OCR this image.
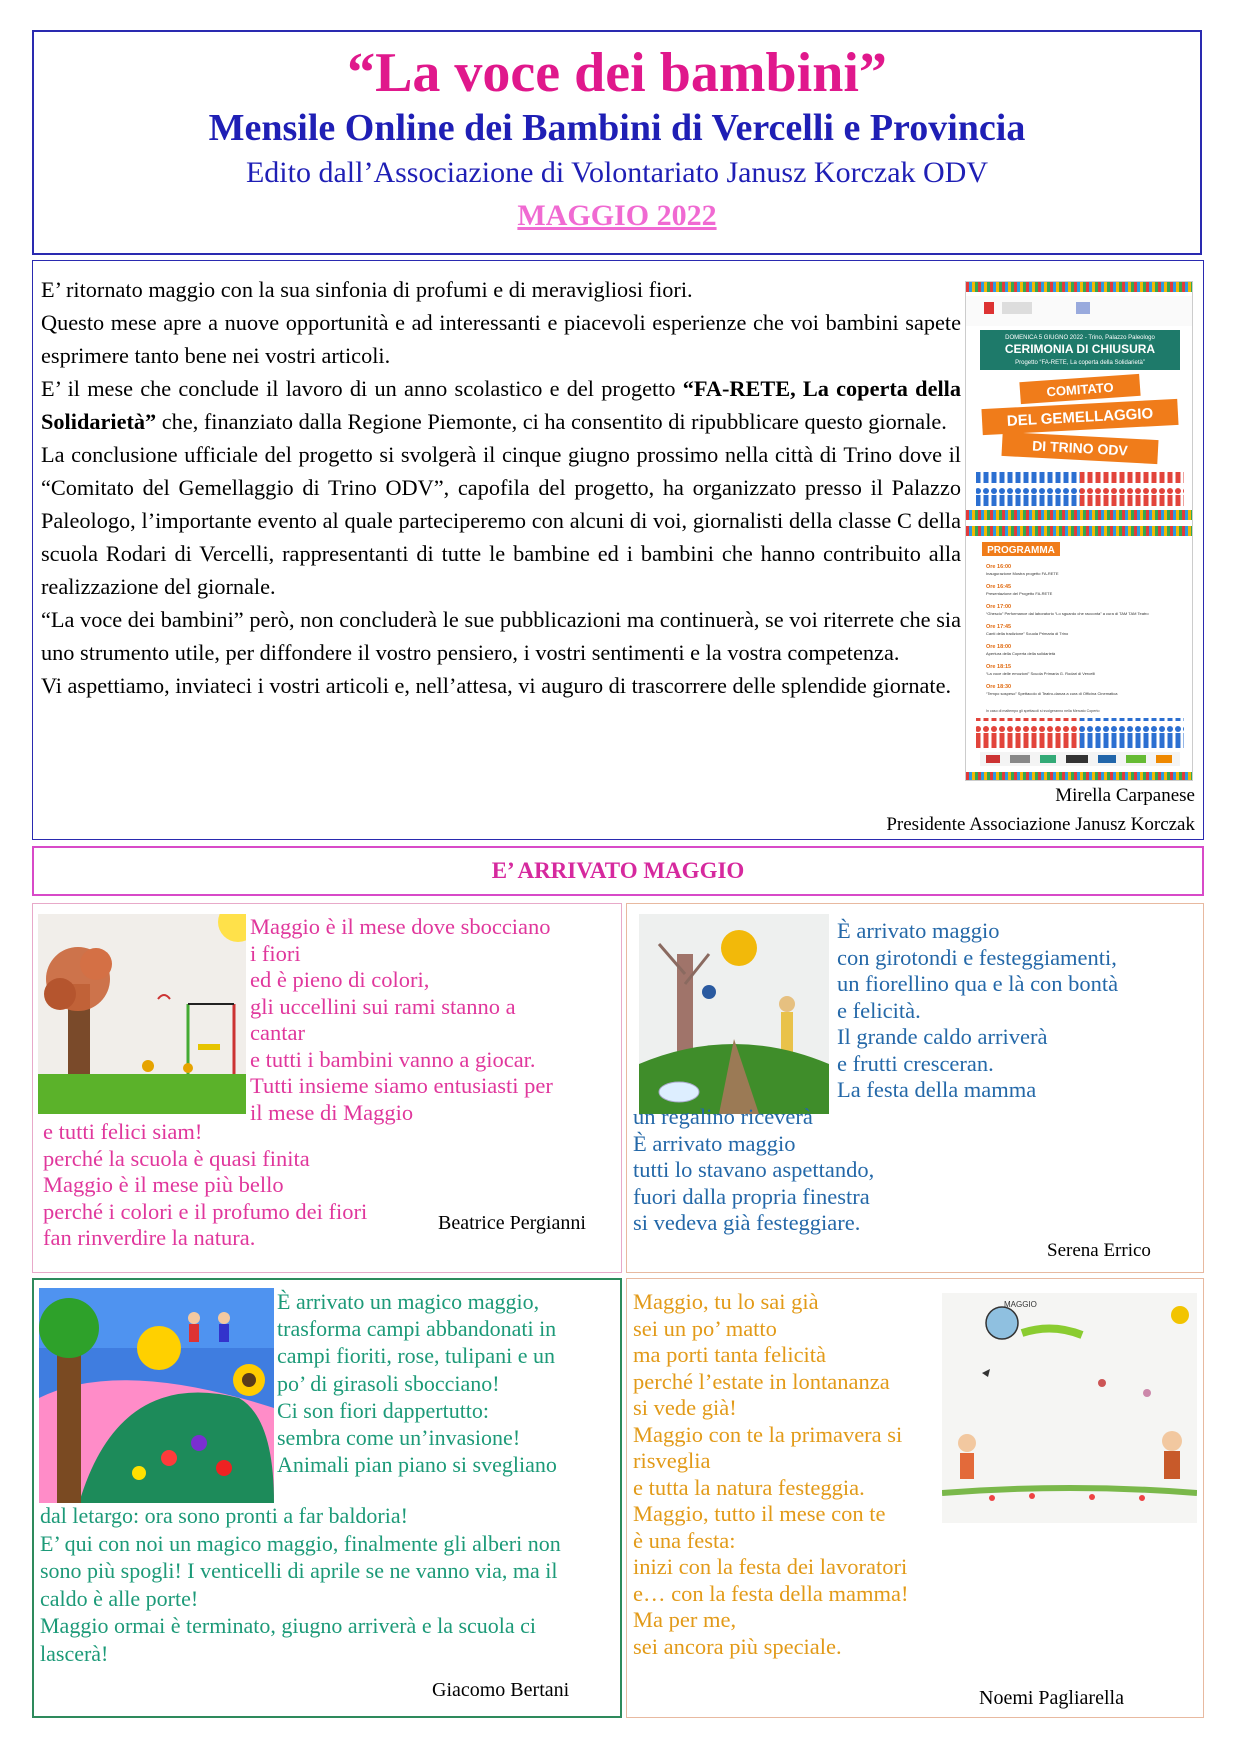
“La voce dei bambini”
Mensile Online dei Bambini di Vercelli e Provincia
Edito dall’Associazione di Volontariato Janusz Korczak ODV
MAGGIO 2022

E’ ritornato maggio con la sua sinfonia di profumi e di meravigliosi fiori.

Questo mese apre a nuove opportunità e ad interessanti e piacevoli esperienze che voi bambini sapete esprimere tanto bene nei vostri articoli.

E’ il mese che conclude il lavoro di un anno scolastico e del progetto “FA-RETE, La coperta della Solidarietà” che, finanziato dalla Regione Piemonte, ci ha consentito di ripubblicare questo giornale.

La conclusione ufficiale del progetto si svolgerà il cinque giugno prossimo nella città di Trino dove il “Comitato del Gemellaggio di Trino ODV”, capofila del progetto, ha organizzato presso il Palazzo Paleologo, l’importante evento al quale parteciperemo con alcuni di voi, giornalisti della classe C della scuola Rodari di Vercelli, rappresentanti di tutte le bambine ed i bambini che hanno contribuito alla realizzazione del giornale.

“La voce dei bambini” però, non concluderà le sue pubblicazioni ma continuerà, se voi riterrete che sia uno strumento utile, per diffondere il vostro pensiero, i vostri sentimenti e la vostra competenza.

Vi aspettiamo, inviateci i vostri articoli e, nell’attesa, vi auguro di trascorrere delle splendide giornate.

DOMENICA 5 GIUGNO 2022 - Trino, Palazzo Paleologo
CERIMONIA DI CHIUSURA
Progetto “FA-RETE, La coperta della Solidarietà”
COMITATO
DEL GEMELLAGGIO
DI TRINO ODV
PROGRAMMA
Ore 16:00
Inaugurazione Mostra progetto FA-RETE
Ore 16:45
Presentazione del Progetto FA-RETE
Ore 17:00
“Ghescio” Performance dal laboratorio “Lo sguardo che racconta” a cura di TAM TAM Teatro
Ore 17:45
Canti della tradizione” Scuola Primaria di Trino
Ore 18:00
Apertura della Coperta della solidarietà
Ore 18:15
“La voce delle emozioni” Scuola Primaria G. Rodari di Vercelli
Ore 18:30
“Tempo sospeso” Spettacolo di Teatro-danza a cura di Officina Cinematica
In caso di maltempo gli spettacoli si svolgeranno nella Mercato Coperto
Mirella Carpanese
Presidente Associazione Janusz Korczak
E’ ARRIVATO MAGGIO
Maggio è il mese dove sbocciano
i fiori
ed è pieno di colori,
gli uccellini sui rami stanno a
cantar
e tutti i bambini vanno a giocar.
Tutti insieme siamo entusiasti per
il mese di Maggio
e tutti felici siam!
perché la scuola è quasi finita
Maggio è il mese più bello
perché i colori e il profumo dei fiori
fan rinverdire la natura.
Beatrice Pergianni
È arrivato maggio
con girotondi e festeggiamenti,
un fiorellino qua e là con bontà
e felicità.
Il grande caldo arriverà
e frutti cresceran.
La festa della mamma
un regalino riceverà
È arrivato maggio
tutti lo stavano aspettando,
fuori dalla propria finestra
si vedeva già festeggiare.
Serena Errico
È arrivato un magico maggio,
trasforma campi abbandonati in
campi fioriti, rose, tulipani e un
po’ di girasoli sbocciano!
Ci son fiori dappertutto:
sembra come un’invasione!
Animali pian piano si svegliano
dal letargo: ora sono pronti a far baldoria!
E’ qui con noi un magico maggio, finalmente gli alberi non
sono più spogli! I venticelli di aprile se ne vanno via, ma il
caldo è alle porte!
Maggio ormai è terminato, giugno arriverà e la scuola ci
lascerà!
Giacomo Bertani
Maggio, tu lo sai già
sei un po’ matto
ma porti tanta felicità
perché l’estate in lontananza
si vede già!
Maggio con te la primavera si
risveglia
e tutta la natura festeggia.
Maggio, tutto il mese con te
è una festa:
inizi con la festa dei lavoratori
e… con la festa della mamma!
Ma per me,
sei ancora più speciale.
MAGGIO
Noemi Pagliarella
